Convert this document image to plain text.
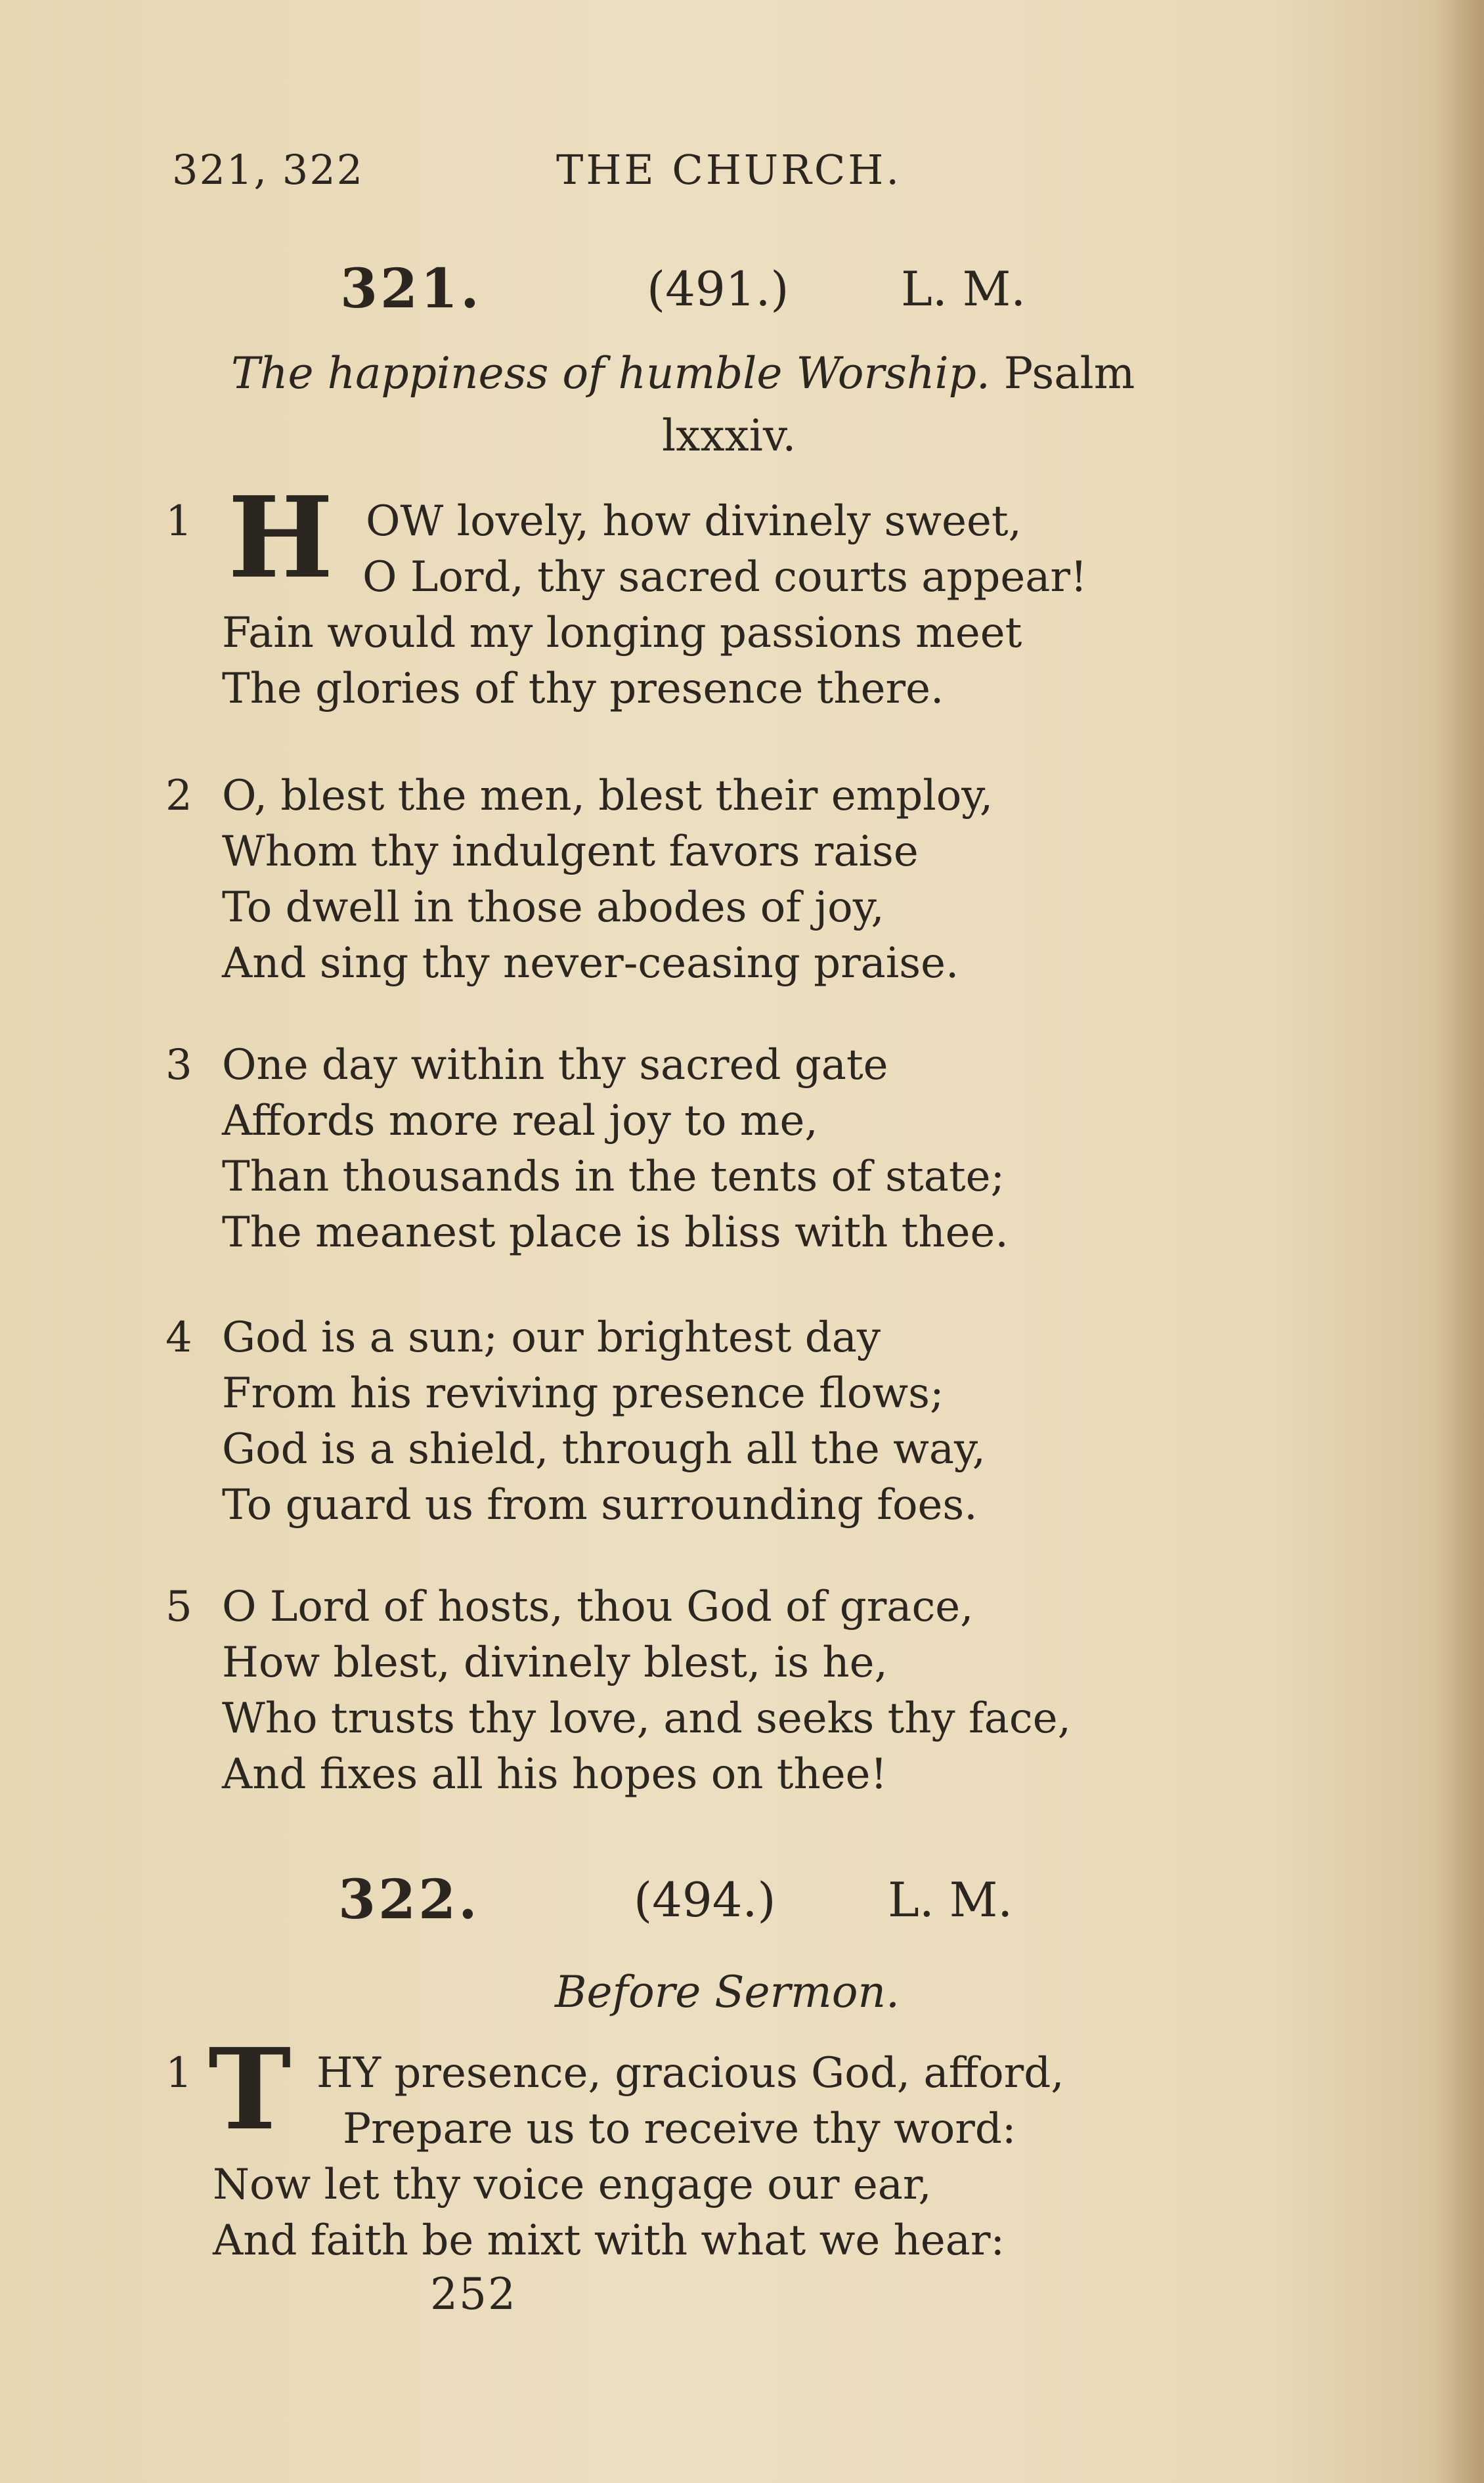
321, 322	THE CHURCH.
321.	(491.) L. M.
The happiness of humble Worship. Psalm
lxxxiv.
1 H OW lovely, how divinely sweet,
O Lord, thy sacred courts appear!
Fain would my longing passions meet
The glories of thy presence there.
2 O, blest the men, blest their employ,
Whom thy indulgent favors raise
To dwell in those abodes of joy,
And sing thy never-ceasing praise.
3 One day within thy sacred gate
Affords more real joy to me,
Than thousands in the tents of state;
The meanest place is bliss with thee.
4 God is a sun; our brightest day
From his reviving presence flows;
God is a shield, through all the way,
To guard us from surrounding foes.
5 O Lord of hosts, thou God of grace,
How blest, divinely blest, is he,
Who trusts thy love, and seeks thy face,
And fixes all his hopes on thee!
322.	(494.) L. M.
Before Sermon.
1 T HY presence, gracious God, afford,
Prepare us to receive thy word:
Now let thy voice engage our ear,
And faith be mixt with what we hear:
252
